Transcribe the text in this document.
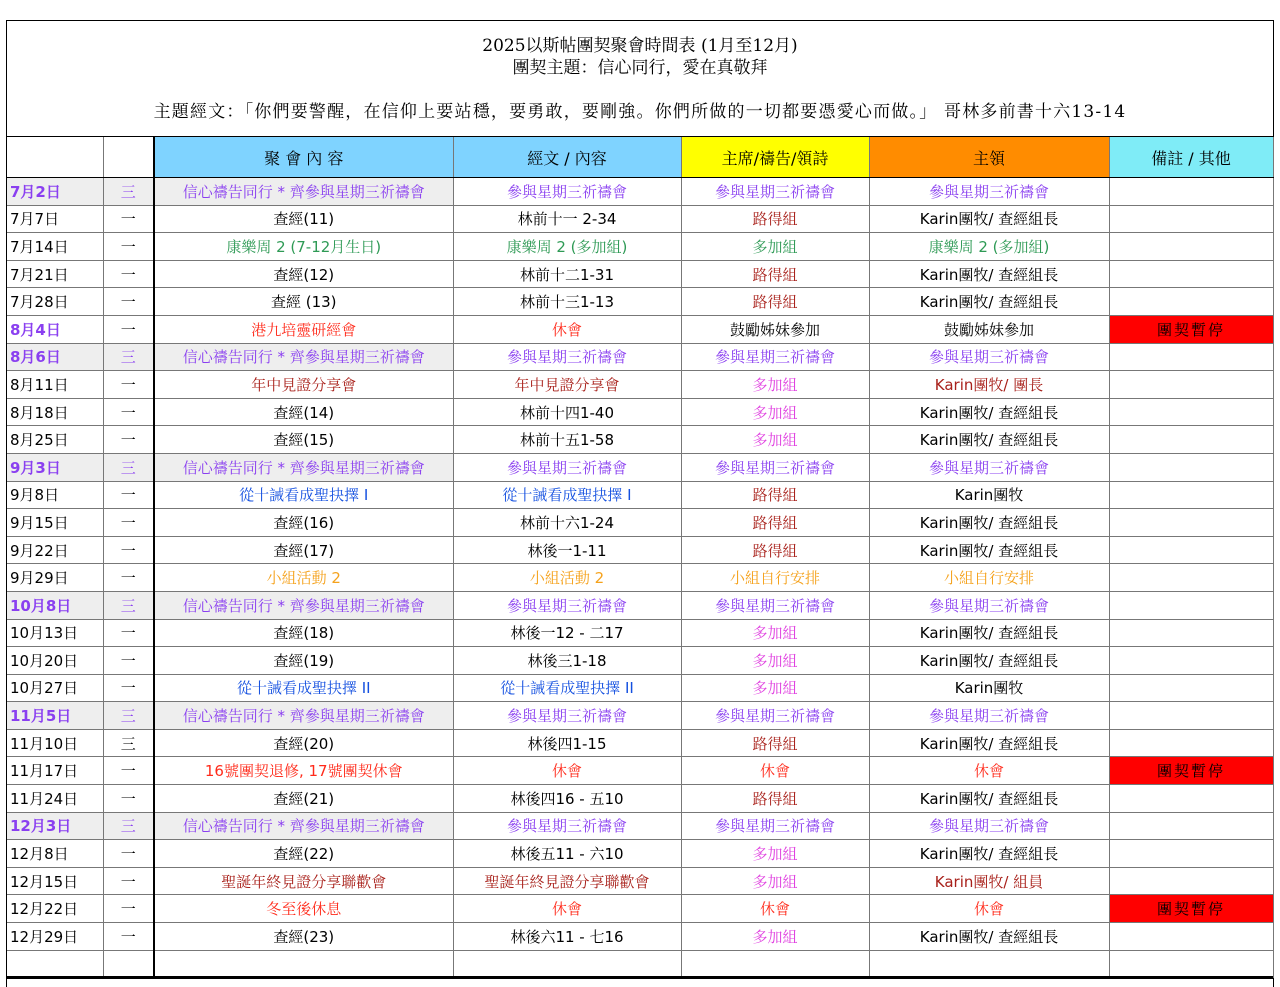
2025以斯帖團契聚會時間表 (1月至12月)
團契主題：信心同行，愛在真敬拜
主題經文：「你們要警醒，在信仰上要站穩，要勇敢，要剛強。你們所做的一切都要憑愛心而做。」 哥林多前書十六13-14
		聚 會 內 容	經文 / 內容	主席/禱告/領詩	主領	備註 / 其他
7月2日	三	信心禱告同行 * 齊參與星期三祈禱會	參與星期三祈禱會	參與星期三祈禱會	參與星期三祈禱會	
7月7日	一	查經(11)	林前十一 2-34	路得組	Karin團牧/ 查經組長	
7月14日	一	康樂周 2 (7-12月生日)	康樂周 2 (多加組)	多加組	康樂周 2 (多加組)	
7月21日	一	查經(12)	林前十二1-31	路得組	Karin團牧/ 查經組長	
7月28日	一	查經 (13)	林前十三1-13	路得組	Karin團牧/ 查經組長	
8月4日	一	港九培靈研經會	休會	鼓勵姊妹參加	鼓勵姊妹參加	團契暫停
8月6日	三	信心禱告同行 * 齊參與星期三祈禱會	參與星期三祈禱會	參與星期三祈禱會	參與星期三祈禱會	
8月11日	一	年中見證分享會	年中見證分享會	多加組	Karin團牧/ 團長	
8月18日	一	查經(14)	林前十四1-40	多加組	Karin團牧/ 查經組長	
8月25日	一	查經(15)	林前十五1-58	多加組	Karin團牧/ 查經組長	
9月3日	三	信心禱告同行 * 齊參與星期三祈禱會	參與星期三祈禱會	參與星期三祈禱會	參與星期三祈禱會	
9月8日	一	從十誡看成聖抉擇 I	從十誡看成聖抉擇 I	路得組	Karin團牧	
9月15日	一	查經(16)	林前十六1-24	路得組	Karin團牧/ 查經組長	
9月22日	一	查經(17)	林後一1-11	路得組	Karin團牧/ 查經組長	
9月29日	一	小組活動 2	小組活動 2	小組自行安排	小組自行安排	
10月8日	三	信心禱告同行 * 齊參與星期三祈禱會	參與星期三祈禱會	參與星期三祈禱會	參與星期三祈禱會	
10月13日	一	查經(18)	林後一12 - 二17	多加組	Karin團牧/ 查經組長	
10月20日	一	查經(19)	林後三1-18	多加組	Karin團牧/ 查經組長	
10月27日	一	從十誡看成聖抉擇 II	從十誡看成聖抉擇 II	多加組	Karin團牧	
11月5日	三	信心禱告同行 * 齊參與星期三祈禱會	參與星期三祈禱會	參與星期三祈禱會	參與星期三祈禱會	
11月10日	三	查經(20)	林後四1-15	路得組	Karin團牧/ 查經組長	
11月17日	一	16號團契退修, 17號團契休會	休會	休會	休會	團契暫停
11月24日	一	查經(21)	林後四16 - 五10	路得組	Karin團牧/ 查經組長	
12月3日	三	信心禱告同行 * 齊參與星期三祈禱會	參與星期三祈禱會	參與星期三祈禱會	參與星期三祈禱會	
12月8日	一	查經(22)	林後五11 - 六10	多加組	Karin團牧/ 查經組長	
12月15日	一	聖誕年終見證分享聯歡會	聖誕年終見證分享聯歡會	多加組	Karin團牧/ 組員	
12月22日	一	冬至後休息	休會	休會	休會	團契暫停
12月29日	一	查經(23)	林後六11 - 七16	多加組	Karin團牧/ 查經組長	
